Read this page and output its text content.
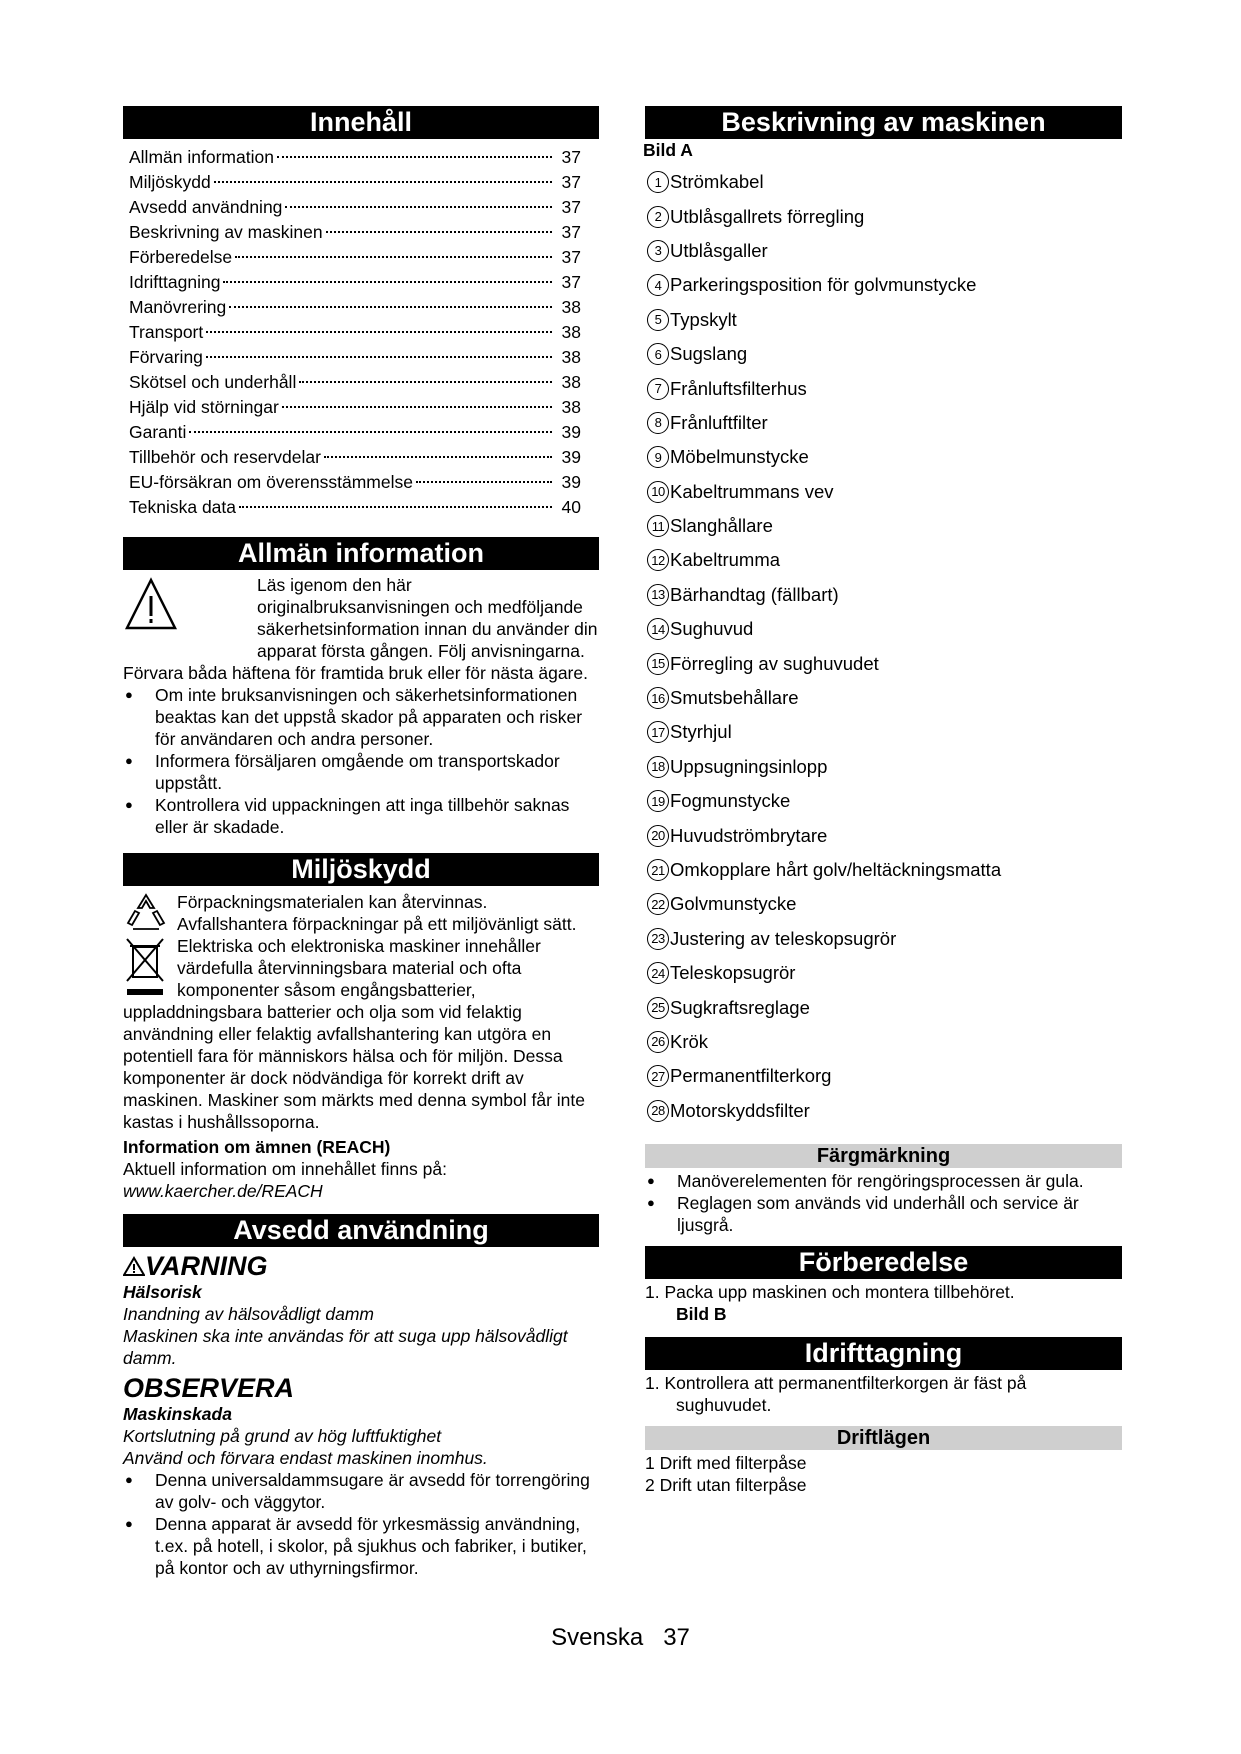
Innehåll
Allmän information	37
Miljöskydd	37
Avsedd användning	37
Beskrivning av maskinen	37
Förberedelse	37
Idrifttagning	37
Manövrering	38
Transport	38
Förvaring	38
Skötsel och underhåll	38
Hjälp vid störningar	38
Garanti	39
Tillbehör och reservdelar	39
EU-försäkran om överensstämmelse	39
Tekniska data	40
Allmän information
Läs igenom den här originalbruksanvisningen och medföljande säkerhetsinformation innan du använder din apparat första gången. Följ anvisningarna.
Förvara båda häftena för framtida bruk eller för nästa ägare.
● Om inte bruksanvisningen och säkerhetsinformationen beaktas kan det uppstå skador på apparaten och risker för användaren och andra personer.
● Informera försäljaren omgående om transportskador uppstått.
● Kontrollera vid uppackningen att inga tillbehör saknas eller är skadade.
Miljöskydd
Förpackningsmaterialen kan återvinnas. Avfallshantera förpackningar på ett miljövänligt sätt.
Elektriska och elektroniska maskiner innehåller värdefulla återvinningsbara material och ofta komponenter såsom engångsbatterier, uppladdningsbara batterier och olja som vid felaktig användning eller felaktig avfallshantering kan utgöra en potentiell fara för människors hälsa och för miljön. Dessa komponenter är dock nödvändiga för korrekt drift av maskinen. Maskiner som märkts med denna symbol får inte kastas i hushållssoporna.
Information om ämnen (REACH)
Aktuell information om innehållet finns på: www.kaercher.de/REACH
Avsedd användning
VARNING
Hälsorisk
Inandning av hälsovådligt damm
Maskinen ska inte användas för att suga upp hälsovådligt damm.
OBSERVERA
Maskinskada
Kortslutning på grund av hög luftfuktighet
Använd och förvara endast maskinen inomhus.
● Denna universaldammsugare är avsedd för torrengöring av golv- och väggytor.
● Denna apparat är avsedd för yrkesmässig användning, t.ex. på hotell, i skolor, på sjukhus och fabriker, i butiker, på kontor och av uthyrningsfirmor.
Beskrivning av maskinen
Bild A
1 Strömkabel
2 Utblåsgallrets förregling
3 Utblåsgaller
4 Parkeringsposition för golvmunstycke
5 Typskylt
6 Sugslang
7 Frånluftsfilterhus
8 Frånluftfilter
9 Möbelmunstycke
10 Kabeltrummans vev
11 Slanghållare
12 Kabeltrumma
13 Bärhandtag (fällbart)
14 Sughuvud
15 Förregling av sughuvudet
16 Smutsbehållare
17 Styrhjul
18 Uppsugningsinlopp
19 Fogmunstycke
20 Huvudströmbrytare
21 Omkopplare hårt golv/heltäckningsmatta
22 Golvmunstycke
23 Justering av teleskopsugrör
24 Teleskopsugrör
25 Sugkraftsreglage
26 Krök
27 Permanentfilterkorg
28 Motorskyddsfilter
Färgmärkning
● Manöverelementen för rengöringsprocessen är gula.
● Reglagen som används vid underhåll och service är ljusgrå.
Förberedelse
1. Packa upp maskinen och montera tillbehöret.
Bild B
Idrifttagning
1. Kontrollera att permanentfilterkorgen är fäst på sughuvudet.
Driftlägen
1 Drift med filterpåse
2 Drift utan filterpåse
Svenska 37
